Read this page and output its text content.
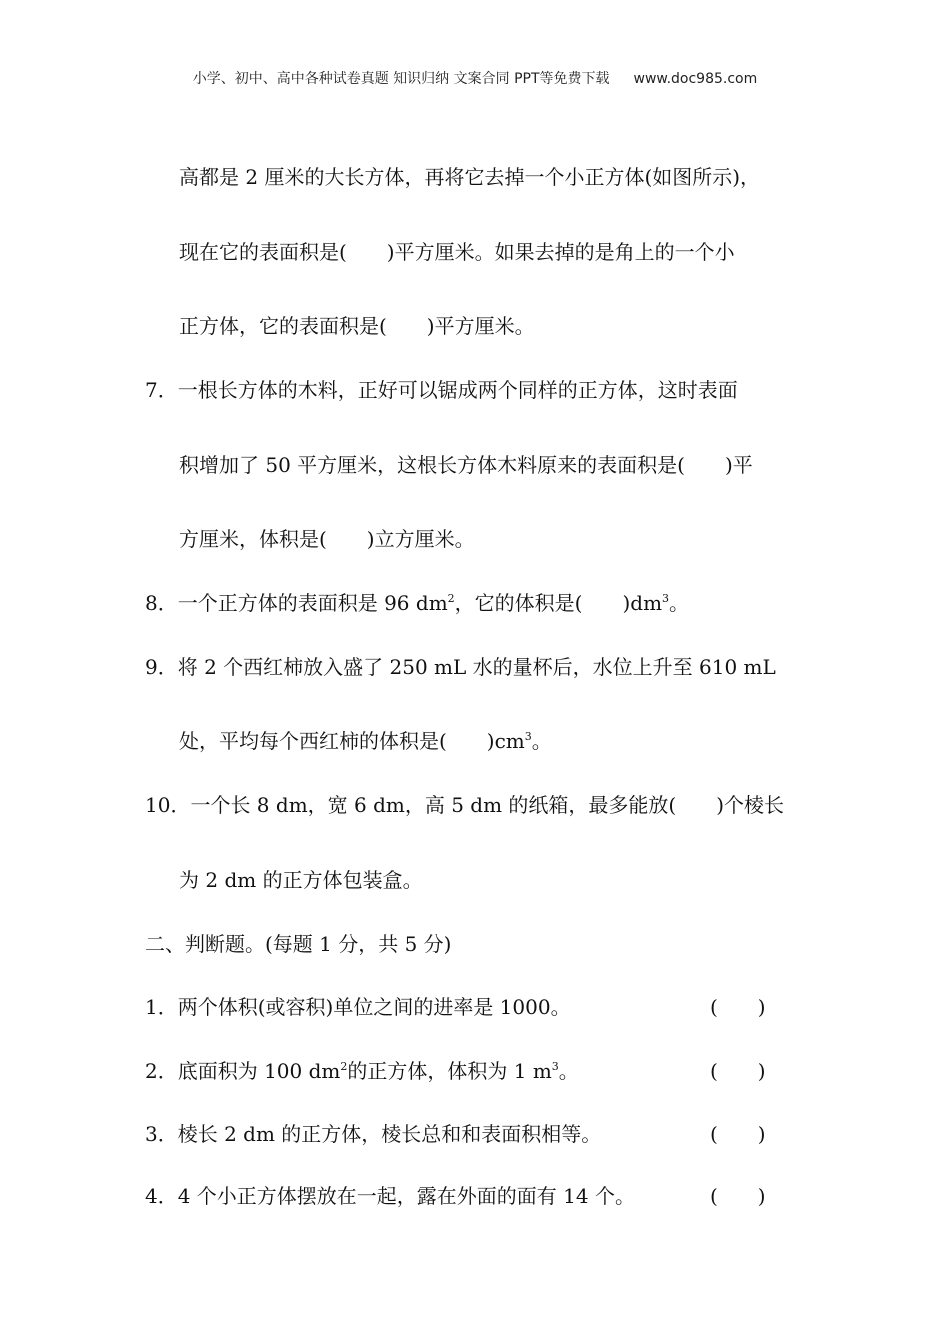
小学、初中、高中各种试卷真题 知识归纳 文案合同 PPT等免费下载 www.doc985.com
高都是 2 厘米的大长方体，再将它去掉一个小正方体(如图所示)，
现在它的表面积是(　　)平方厘米。如果去掉的是角上的一个小
正方体，它的表面积是(　　)平方厘米。
7．一根长方体的木料，正好可以锯成两个同样的正方体，这时表面
积增加了 50 平方厘米，这根长方体木料原来的表面积是(　　)平
方厘米，体积是(　　)立方厘米。
8．一个正方体的表面积是 96 $dm^2$，它的体积是(　　)$dm^3$。
9．将 2 个西红柿放入盛了 250 mL 水的量杯后，水位上升至 610 mL
处，平均每个西红柿的体积是(　　)$cm^3$。
10．一个长 8 dm，宽 6 dm，高 5 dm 的纸箱，最多能放(　　)个棱长
为 2 dm 的正方体包装盒。
二、判断题。(每题 1 分，共 5 分)
1．两个体积(或容积)单位之间的进率是 1000。	(　　)
2．底面积为 100 $dm^2$的正方体，体积为 1 $m^3$。	(　　)
3．棱长 2 dm 的正方体，棱长总和和表面积相等。	(　　)
4．4 个小正方体摆放在一起，露在外面的面有 14 个。	(　　)
